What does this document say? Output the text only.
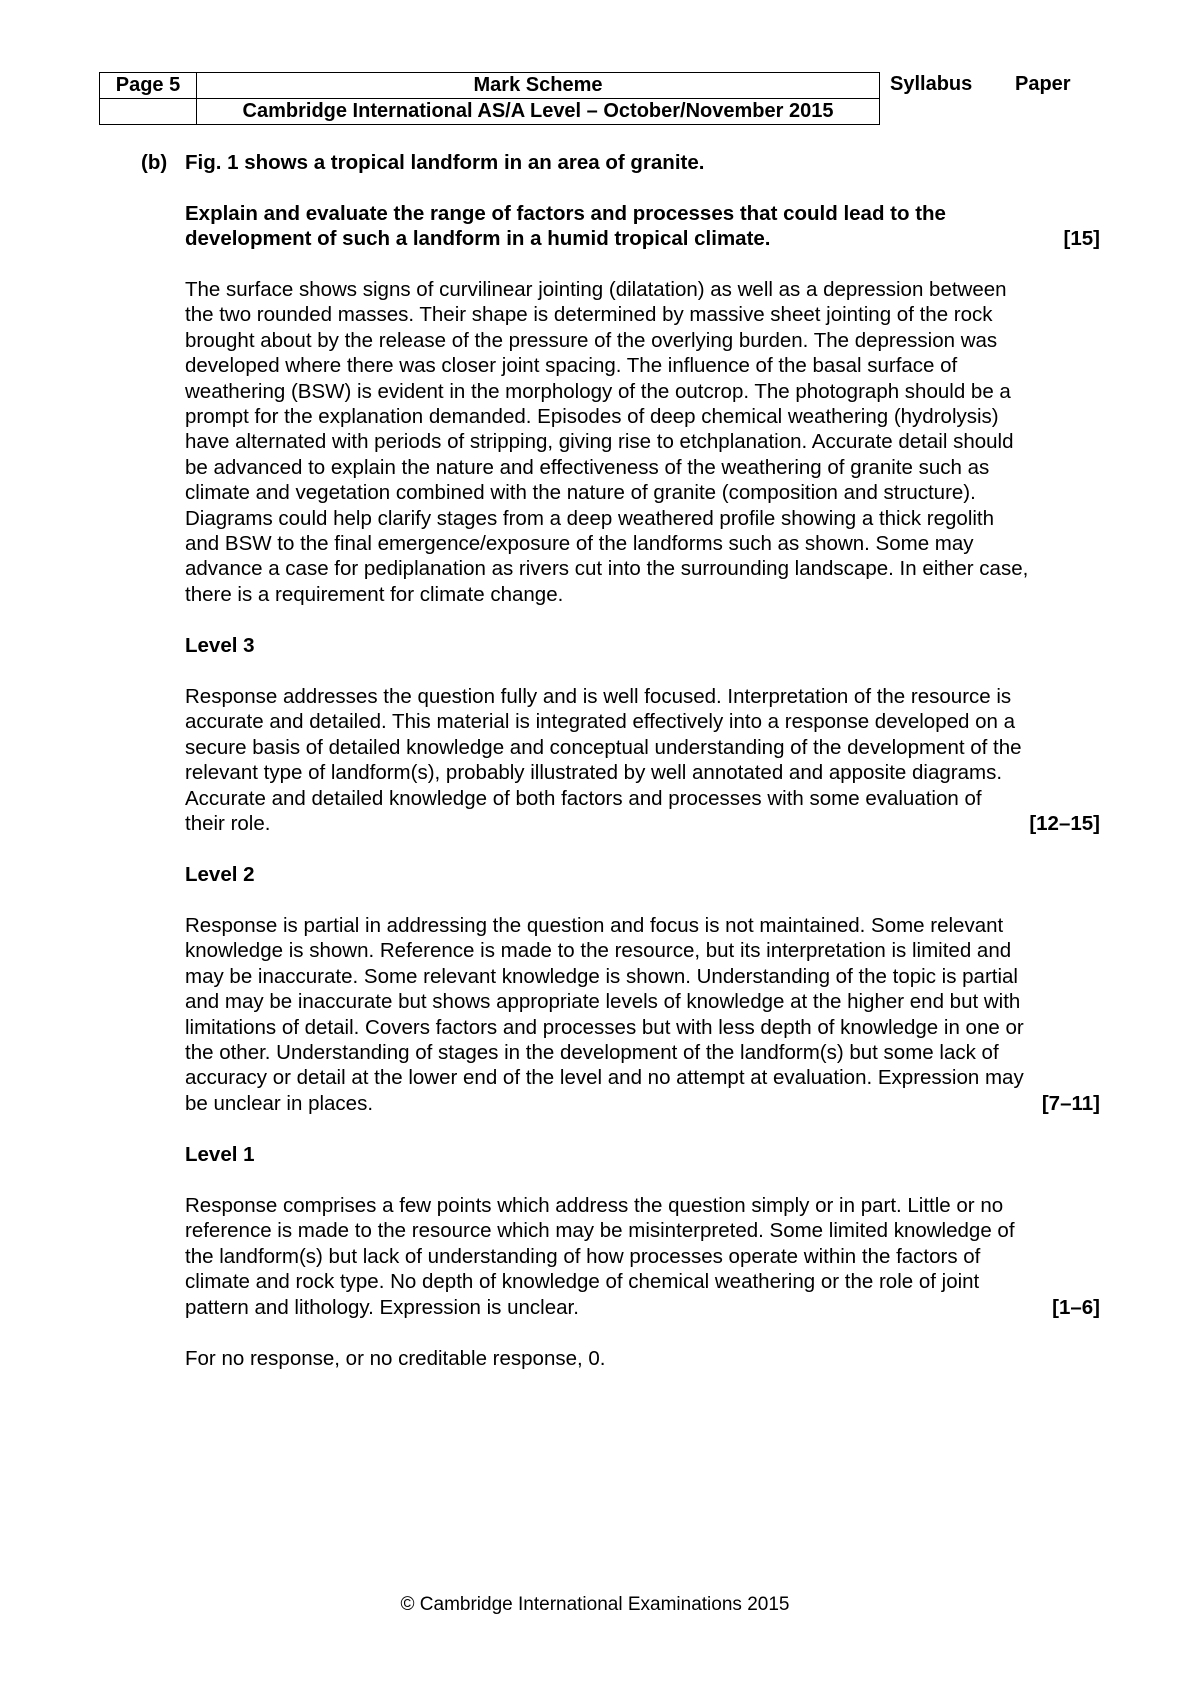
Page 5	Mark Scheme
	Cambridge International AS/A Level – October/November 2015
Syllabus Paper
(b) Fig. 1 shows a tropical landform in an area of granite.
Explain and evaluate the range of factors and processes that could lead to the
development of such a landform in a humid tropical climate.	[15]
The surface shows signs of curvilinear jointing (dilatation) as well as a depression between
the two rounded masses. Their shape is determined by massive sheet jointing of the rock
brought about by the release of the pressure of the overlying burden. The depression was
developed where there was closer joint spacing. The influence of the basal surface of
weathering (BSW) is evident in the morphology of the outcrop. The photograph should be a
prompt for the explanation demanded. Episodes of deep chemical weathering (hydrolysis)
have alternated with periods of stripping, giving rise to etchplanation. Accurate detail should
be advanced to explain the nature and effectiveness of the weathering of granite such as
climate and vegetation combined with the nature of granite (composition and structure).
Diagrams could help clarify stages from a deep weathered profile showing a thick regolith
and BSW to the final emergence/exposure of the landforms such as shown. Some may
advance a case for pediplanation as rivers cut into the surrounding landscape. In either case,
there is a requirement for climate change.
Level 3
Response addresses the question fully and is well focused. Interpretation of the resource is
accurate and detailed. This material is integrated effectively into a response developed on a
secure basis of detailed knowledge and conceptual understanding of the development of the
relevant type of landform(s), probably illustrated by well annotated and apposite diagrams.
Accurate and detailed knowledge of both factors and processes with some evaluation of
their role.	[12–15]
Level 2
Response is partial in addressing the question and focus is not maintained. Some relevant
knowledge is shown. Reference is made to the resource, but its interpretation is limited and
may be inaccurate. Some relevant knowledge is shown. Understanding of the topic is partial
and may be inaccurate but shows appropriate levels of knowledge at the higher end but with
limitations of detail. Covers factors and processes but with less depth of knowledge in one or
the other. Understanding of stages in the development of the landform(s) but some lack of
accuracy or detail at the lower end of the level and no attempt at evaluation. Expression may
be unclear in places.	[7–11]
Level 1
Response comprises a few points which address the question simply or in part. Little or no
reference is made to the resource which may be misinterpreted. Some limited knowledge of
the landform(s) but lack of understanding of how processes operate within the factors of
climate and rock type. No depth of knowledge of chemical weathering or the role of joint
pattern and lithology. Expression is unclear.	[1–6]
For no response, or no creditable response, 0.
© Cambridge International Examinations 2015
